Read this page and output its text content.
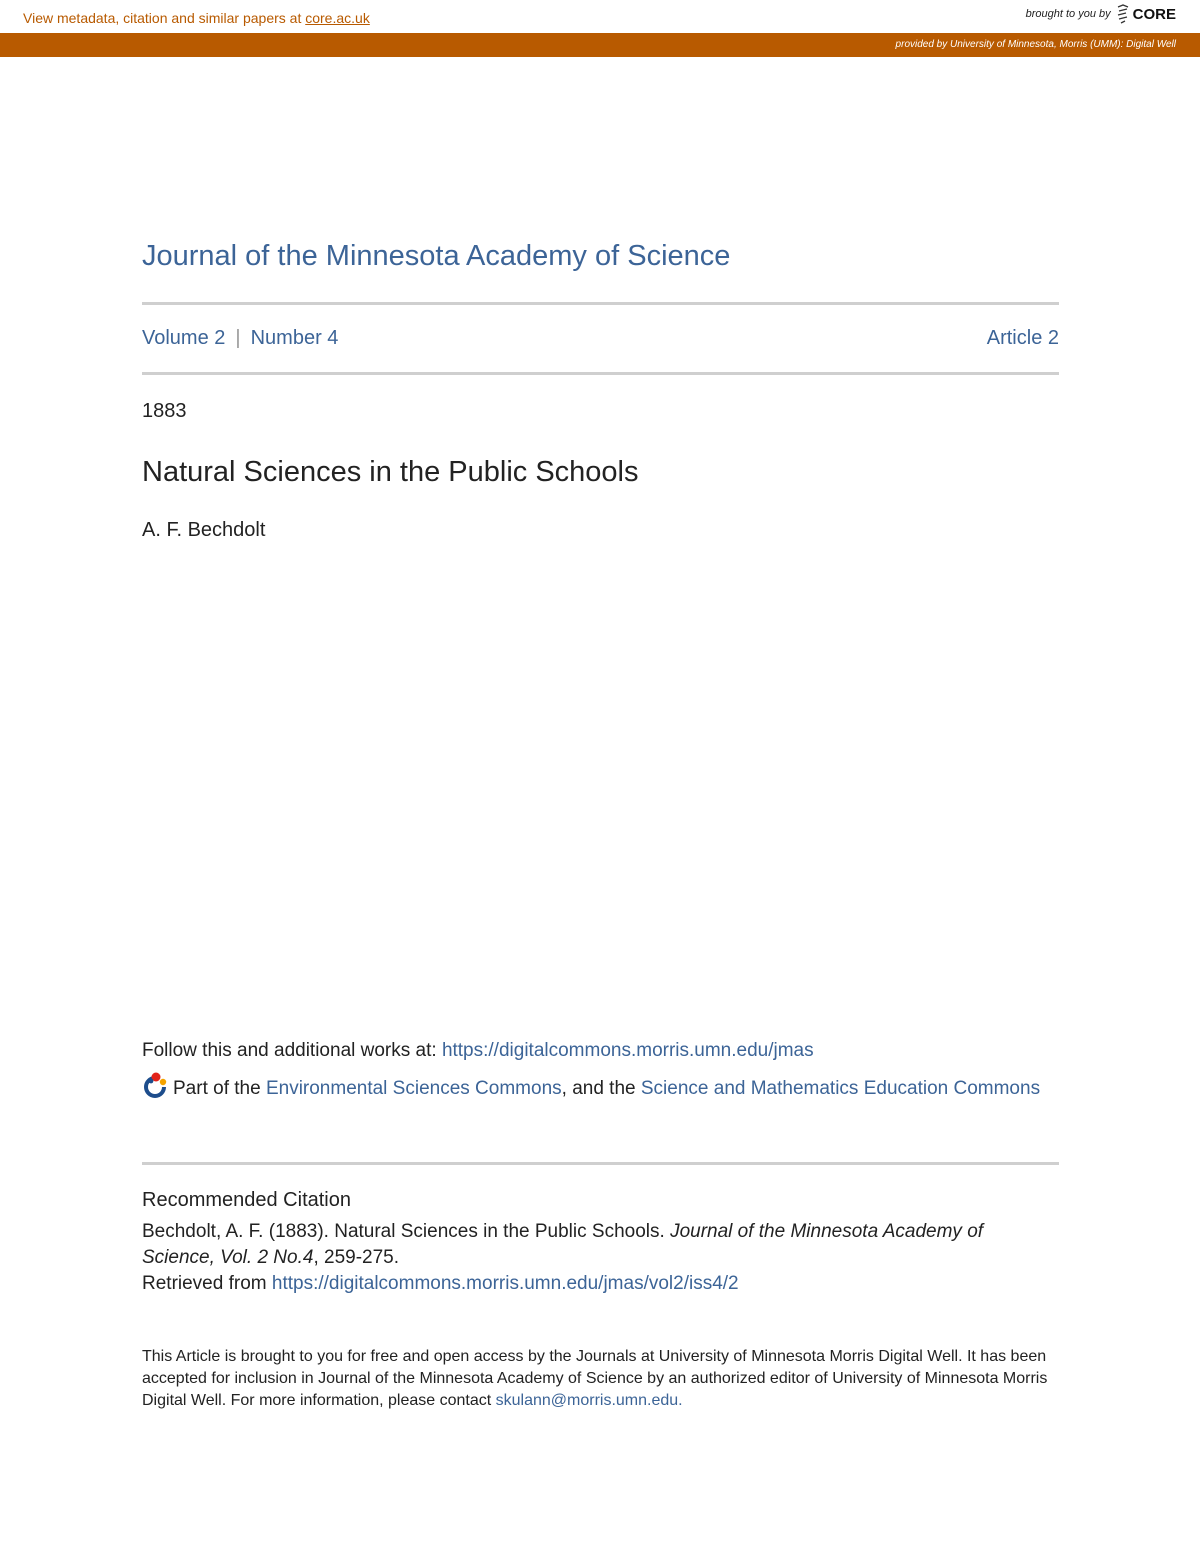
View metadata, citation and similar papers at core.ac.uk	brought to you by CORE
provided by University of Minnesota, Morris (UMM): Digital Well
Journal of the Minnesota Academy of Science
Volume 2 | Number 4	Article 2
1883
Natural Sciences in the Public Schools
A. F. Bechdolt
Follow this and additional works at: https://digitalcommons.morris.umn.edu/jmas
Part of the Environmental Sciences Commons, and the Science and Mathematics Education Commons
Recommended Citation
Bechdolt, A. F. (1883). Natural Sciences in the Public Schools. Journal of the Minnesota Academy of Science, Vol. 2 No.4, 259-275.
Retrieved from https://digitalcommons.morris.umn.edu/jmas/vol2/iss4/2
This Article is brought to you for free and open access by the Journals at University of Minnesota Morris Digital Well. It has been accepted for inclusion in Journal of the Minnesota Academy of Science by an authorized editor of University of Minnesota Morris Digital Well. For more information, please contact skulann@morris.umn.edu.
